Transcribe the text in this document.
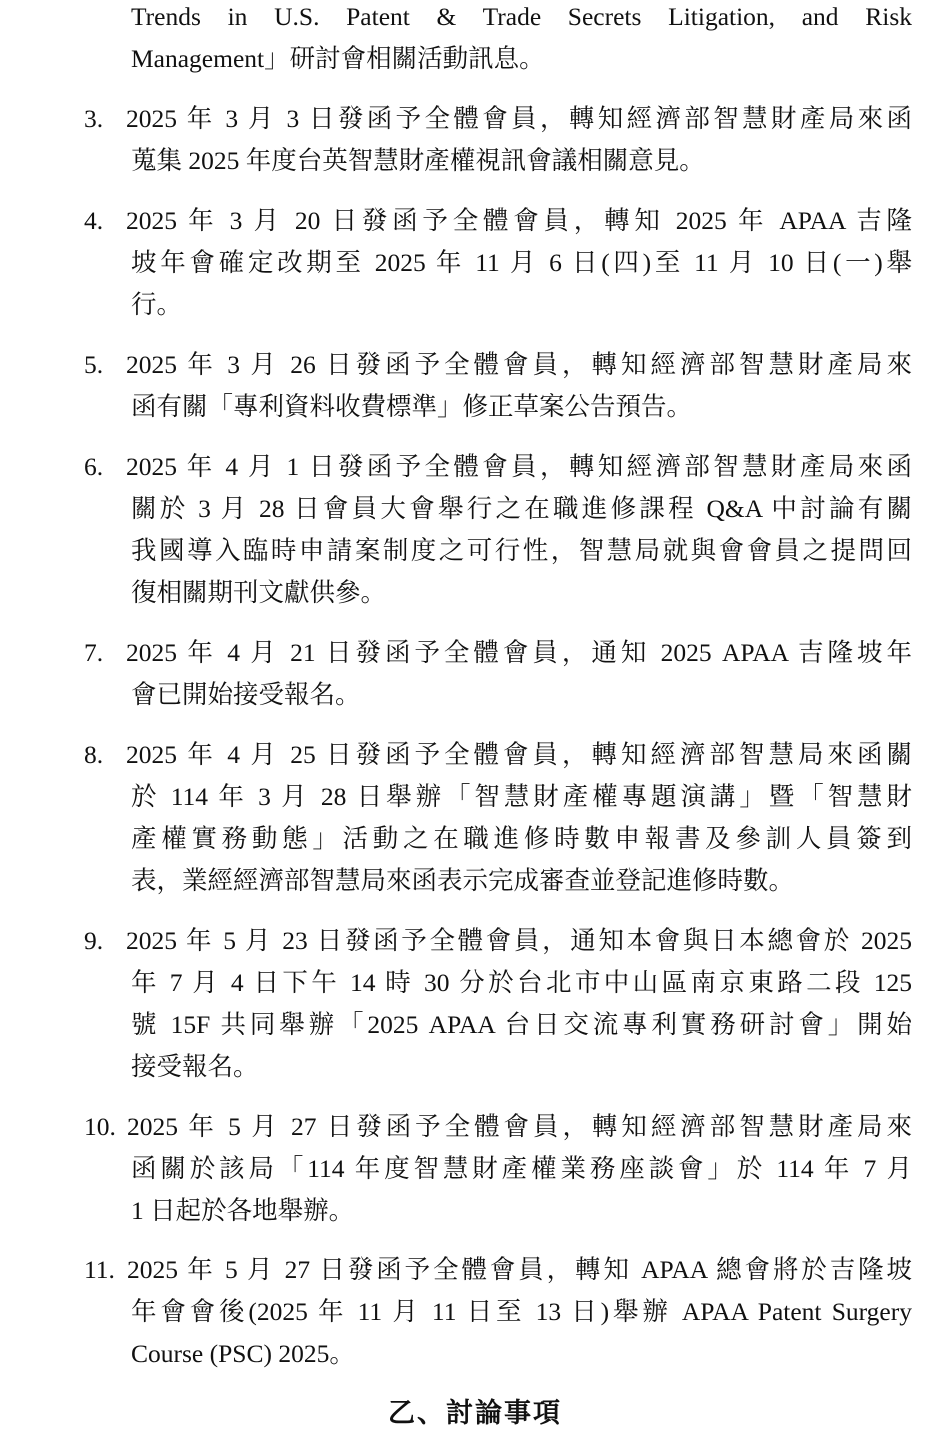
Trends in U.S. Patent & Trade Secrets Litigation, and Risk
Management」研討會相關活動訊息。
3. 2025 年 3 月 3 日發函予全體會員，轉知經濟部智慧財產局來函
蒐集 2025 年度台英智慧財產權視訊會議相關意見。
4. 2025 年 3 月 20 日發函予全體會員，轉知 2025 年 APAA 吉隆
坡年會確定改期至 2025 年 11 月 6 日(四)至 11 月 10 日(一)舉
行。
5. 2025 年 3 月 26 日發函予全體會員，轉知經濟部智慧財產局來
函有關「專利資料收費標準」修正草案公告預告。
6. 2025 年 4 月 1 日發函予全體會員，轉知經濟部智慧財產局來函
關於 3 月 28 日會員大會舉行之在職進修課程 Q&A 中討論有關
我國導入臨時申請案制度之可行性，智慧局就與會會員之提問回
復相關期刊文獻供參。
7. 2025 年 4 月 21 日發函予全體會員，通知 2025 APAA 吉隆坡年
會已開始接受報名。
8. 2025 年 4 月 25 日發函予全體會員，轉知經濟部智慧局來函關
於 114 年 3 月 28 日舉辦「智慧財產權專題演講」暨「智慧財
產權實務動態」活動之在職進修時數申報書及參訓人員簽到
表，業經經濟部智慧局來函表示完成審查並登記進修時數。
9. 2025 年 5 月 23 日發函予全體會員，通知本會與日本總會於 2025
年 7 月 4 日下午 14 時 30 分於台北市中山區南京東路二段 125
號 15F 共同舉辦「2025 APAA 台日交流專利實務研討會」開始
接受報名。
10. 2025 年 5 月 27 日發函予全體會員，轉知經濟部智慧財產局來
函關於該局「114 年度智慧財產權業務座談會」於 114 年 7 月
1 日起於各地舉辦。
11. 2025 年 5 月 27 日發函予全體會員，轉知 APAA 總會將於吉隆坡
年會會後(2025 年 11 月 11 日至 13 日)舉辦 APAA Patent Surgery
Course (PSC) 2025。
乙、討論事項
